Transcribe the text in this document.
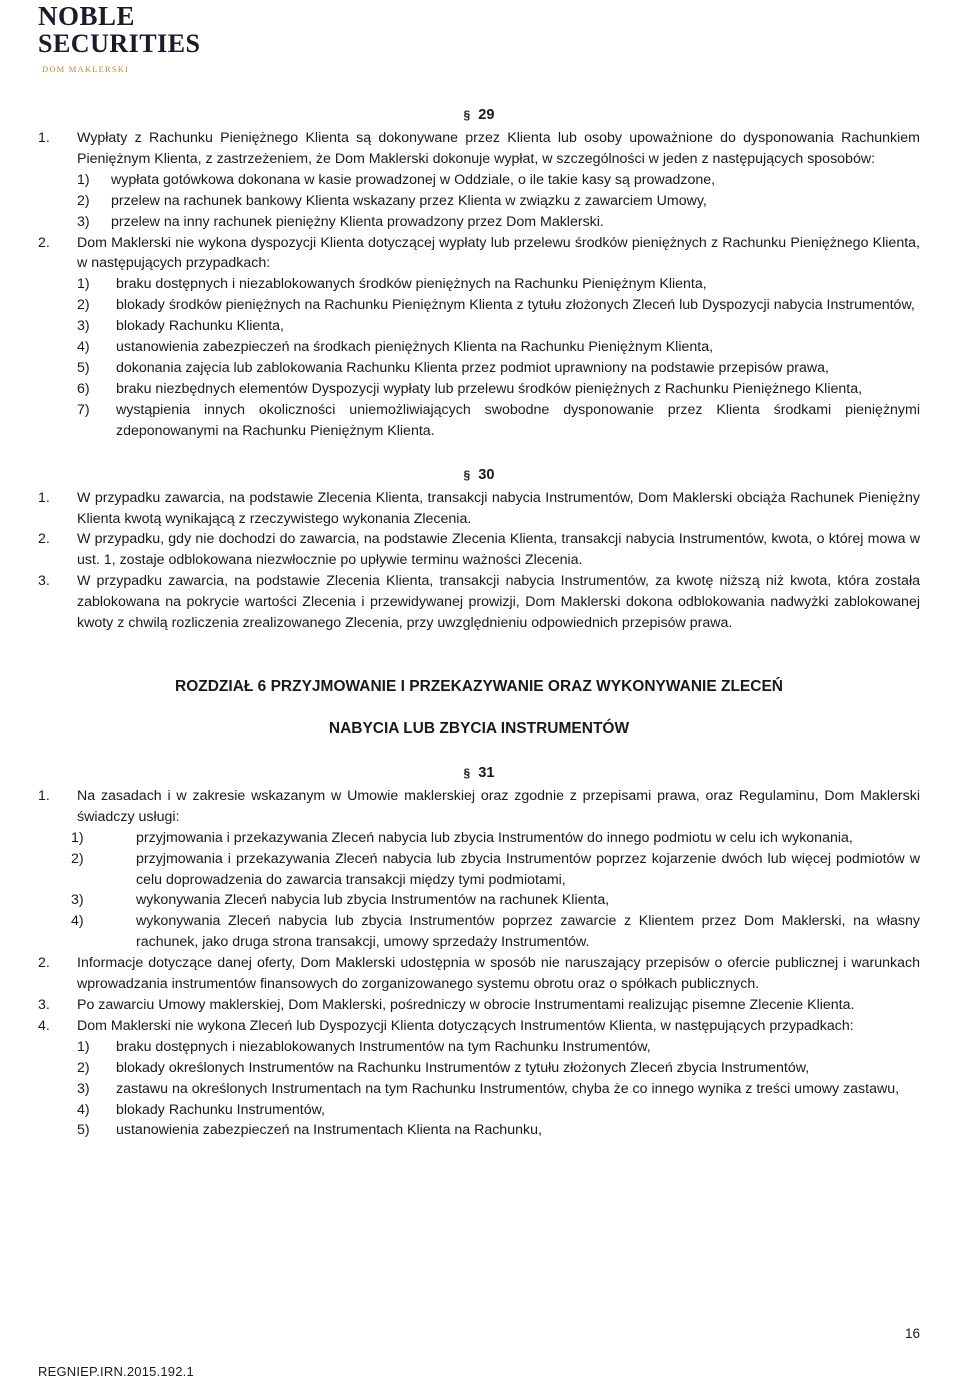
NOBLE
SECURITIES
DOM MAKLERSKI
§ 29
1. Wypłaty z Rachunku Pieniężnego Klienta są dokonywane przez Klienta lub osoby upoważnione do dysponowania Rachunkiem Pieniężnym Klienta, z zastrzeżeniem, że Dom Maklerski dokonuje wypłat, w szczególności w jeden z następujących sposobów:
1) wypłata gotówkowa dokonana w kasie prowadzonej w Oddziale, o ile takie kasy są prowadzone,
2) przelew na rachunek bankowy Klienta wskazany przez Klienta w związku z zawarciem Umowy,
3) przelew na inny rachunek pieniężny Klienta prowadzony przez Dom Maklerski.
2. Dom Maklerski nie wykona dyspozycji Klienta dotyczącej wypłaty lub przelewu środków pieniężnych z Rachunku Pieniężnego Klienta, w następujących przypadkach:
1) braku dostępnych i niezablokowanych środków pieniężnych na Rachunku Pieniężnym Klienta,
2) blokady środków pieniężnych na Rachunku Pieniężnym Klienta z tytułu złożonych Zleceń lub Dyspozycji nabycia Instrumentów,
3) blokady Rachunku Klienta,
4) ustanowienia zabezpieczeń na środkach pieniężnych Klienta na Rachunku Pieniężnym Klienta,
5) dokonania zajęcia lub zablokowania Rachunku Klienta przez podmiot uprawniony na podstawie przepisów prawa,
6) braku niezbędnych elementów Dyspozycji wypłaty lub przelewu środków pieniężnych z Rachunku Pieniężnego Klienta,
7) wystąpienia innych okoliczności uniemożliwiających swobodne dysponowanie przez Klienta środkami pieniężnymi zdeponowanymi na Rachunku Pieniężnym Klienta.
§ 30
1. W przypadku zawarcia, na podstawie Zlecenia Klienta, transakcji nabycia Instrumentów, Dom Maklerski obciąża Rachunek Pieniężny Klienta kwotą wynikającą z rzeczywistego wykonania Zlecenia.
2. W przypadku, gdy nie dochodzi do zawarcia, na podstawie Zlecenia Klienta, transakcji nabycia Instrumentów, kwota, o której mowa w ust. 1, zostaje odblokowana niezwłocznie po upływie terminu ważności Zlecenia.
3. W przypadku zawarcia, na podstawie Zlecenia Klienta, transakcji nabycia Instrumentów, za kwotę niższą niż kwota, która została zablokowana na pokrycie wartości Zlecenia i przewidywanej prowizji, Dom Maklerski dokona odblokowania nadwyżki zablokowanej kwoty z chwilą rozliczenia zrealizowanego Zlecenia, przy uwzględnieniu odpowiednich przepisów prawa.
ROZDZIAŁ 6 PRZYJMOWANIE I PRZEKAZYWANIE ORAZ WYKONYWANIE ZLECEŃ
NABYCIA LUB ZBYCIA INSTRUMENTÓW
§ 31
1. Na zasadach i w zakresie wskazanym w Umowie maklerskiej oraz zgodnie z przepisami prawa, oraz Regulaminu, Dom Maklerski świadczy usługi:
1)	przyjmowania i przekazywania Zleceń nabycia lub zbycia Instrumentów do innego podmiotu w celu ich wykonania,
2)	przyjmowania i przekazywania Zleceń nabycia lub zbycia Instrumentów poprzez kojarzenie dwóch lub więcej podmiotów w celu doprowadzenia do zawarcia transakcji między tymi podmiotami,
3)	wykonywania Zleceń nabycia lub zbycia Instrumentów na rachunek Klienta,
4)	wykonywania Zleceń nabycia lub zbycia Instrumentów poprzez zawarcie z Klientem przez Dom Maklerski, na własny rachunek, jako druga strona transakcji, umowy sprzedaży Instrumentów.
2. Informacje dotyczące danej oferty, Dom Maklerski udostępnia w sposób nie naruszający przepisów o ofercie publicznej i warunkach wprowadzania instrumentów finansowych do zorganizowanego systemu obrotu oraz o spółkach publicznych.
3. Po zawarciu Umowy maklerskiej, Dom Maklerski, pośredniczy w obrocie Instrumentami realizując pisemne Zlecenie Klienta.
4. Dom Maklerski nie wykona Zleceń lub Dyspozycji Klienta dotyczących Instrumentów Klienta, w następujących przypadkach:
1) braku dostępnych i niezablokowanych Instrumentów na tym Rachunku Instrumentów,
2) blokady określonych Instrumentów na Rachunku Instrumentów z tytułu złożonych Zleceń zbycia Instrumentów,
3) zastawu na określonych Instrumentach na tym Rachunku Instrumentów, chyba że co innego wynika z treści umowy zastawu,
4) blokady Rachunku Instrumentów,
5) ustanowienia zabezpieczeń na Instrumentach Klienta na Rachunku,
16
REGNIEP.IRN.2015.192.1
